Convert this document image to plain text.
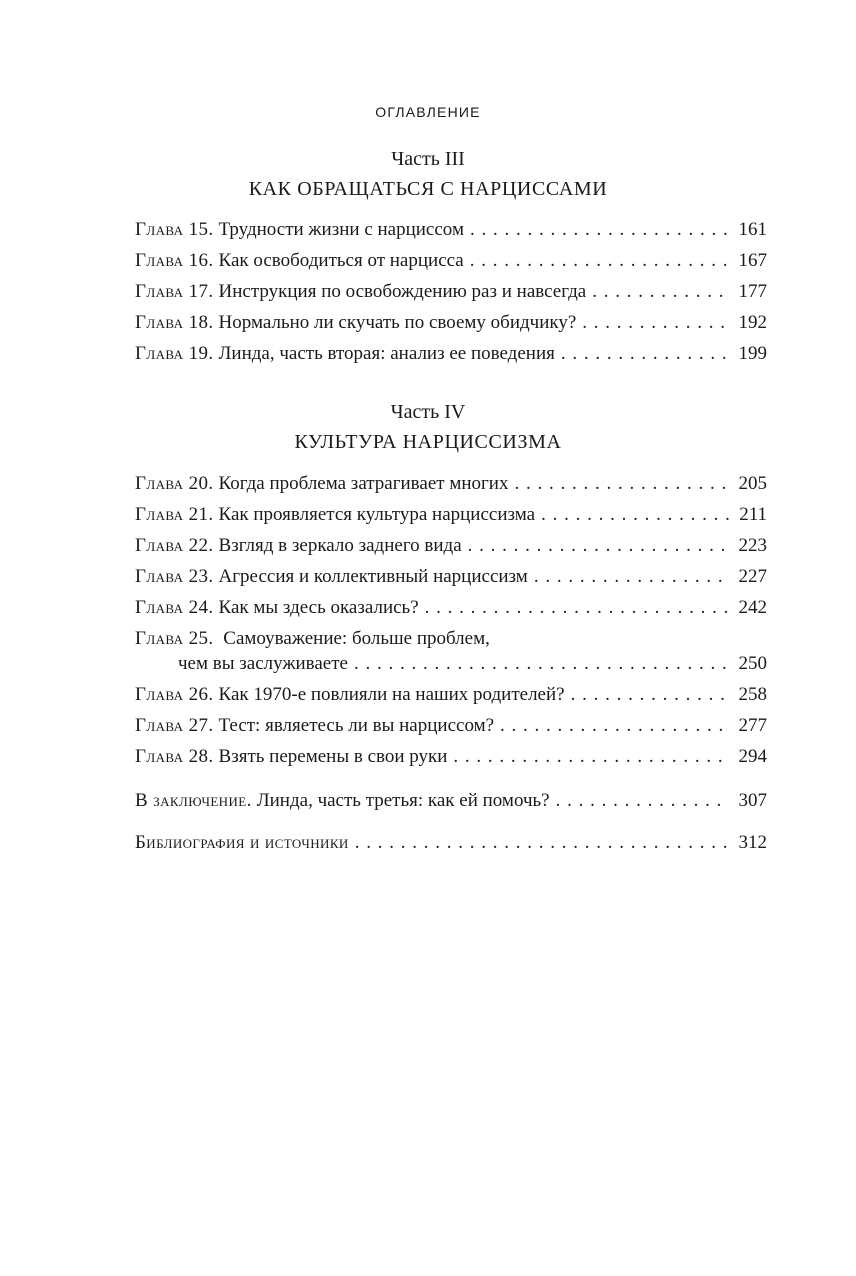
ОГЛАВЛЕНИЕ
Часть III
КАК ОБРАЩАТЬСЯ С НАРЦИССАМИ
Глава 15. Трудности жизни с нарциссом . . .	161
Глава 16. Как освободиться от нарцисса . . .	167
Глава 17. Инструкция по освобождению раз и навсегда . . .	177
Глава 18. Нормально ли скучать по своему обидчику? . . .	192
Глава 19. Линда, часть вторая: анализ ее поведения . . .	199
Часть IV
КУЛЬТУРА НАРЦИССИЗМА
Глава 20. Когда проблема затрагивает многих . . .	205
Глава 21. Как проявляется культура нарциссизма . . .	211
Глава 22. Взгляд в зеркало заднего вида . . .	223
Глава 23. Агрессия и коллективный нарциссизм . . .	227
Глава 24. Как мы здесь оказались? . . .	242
Глава 25. Самоуважение: больше проблем,
чем вы заслуживаете . . .	250
Глава 26. Как 1970-е повлияли на наших родителей? . . .	258
Глава 27. Тест: являетесь ли вы нарциссом? . . .	277
Глава 28. Взять перемены в свои руки . . .	294
В заключение. Линда, часть третья: как ей помочь? . . .	307
Библиография и источники . . .	312
